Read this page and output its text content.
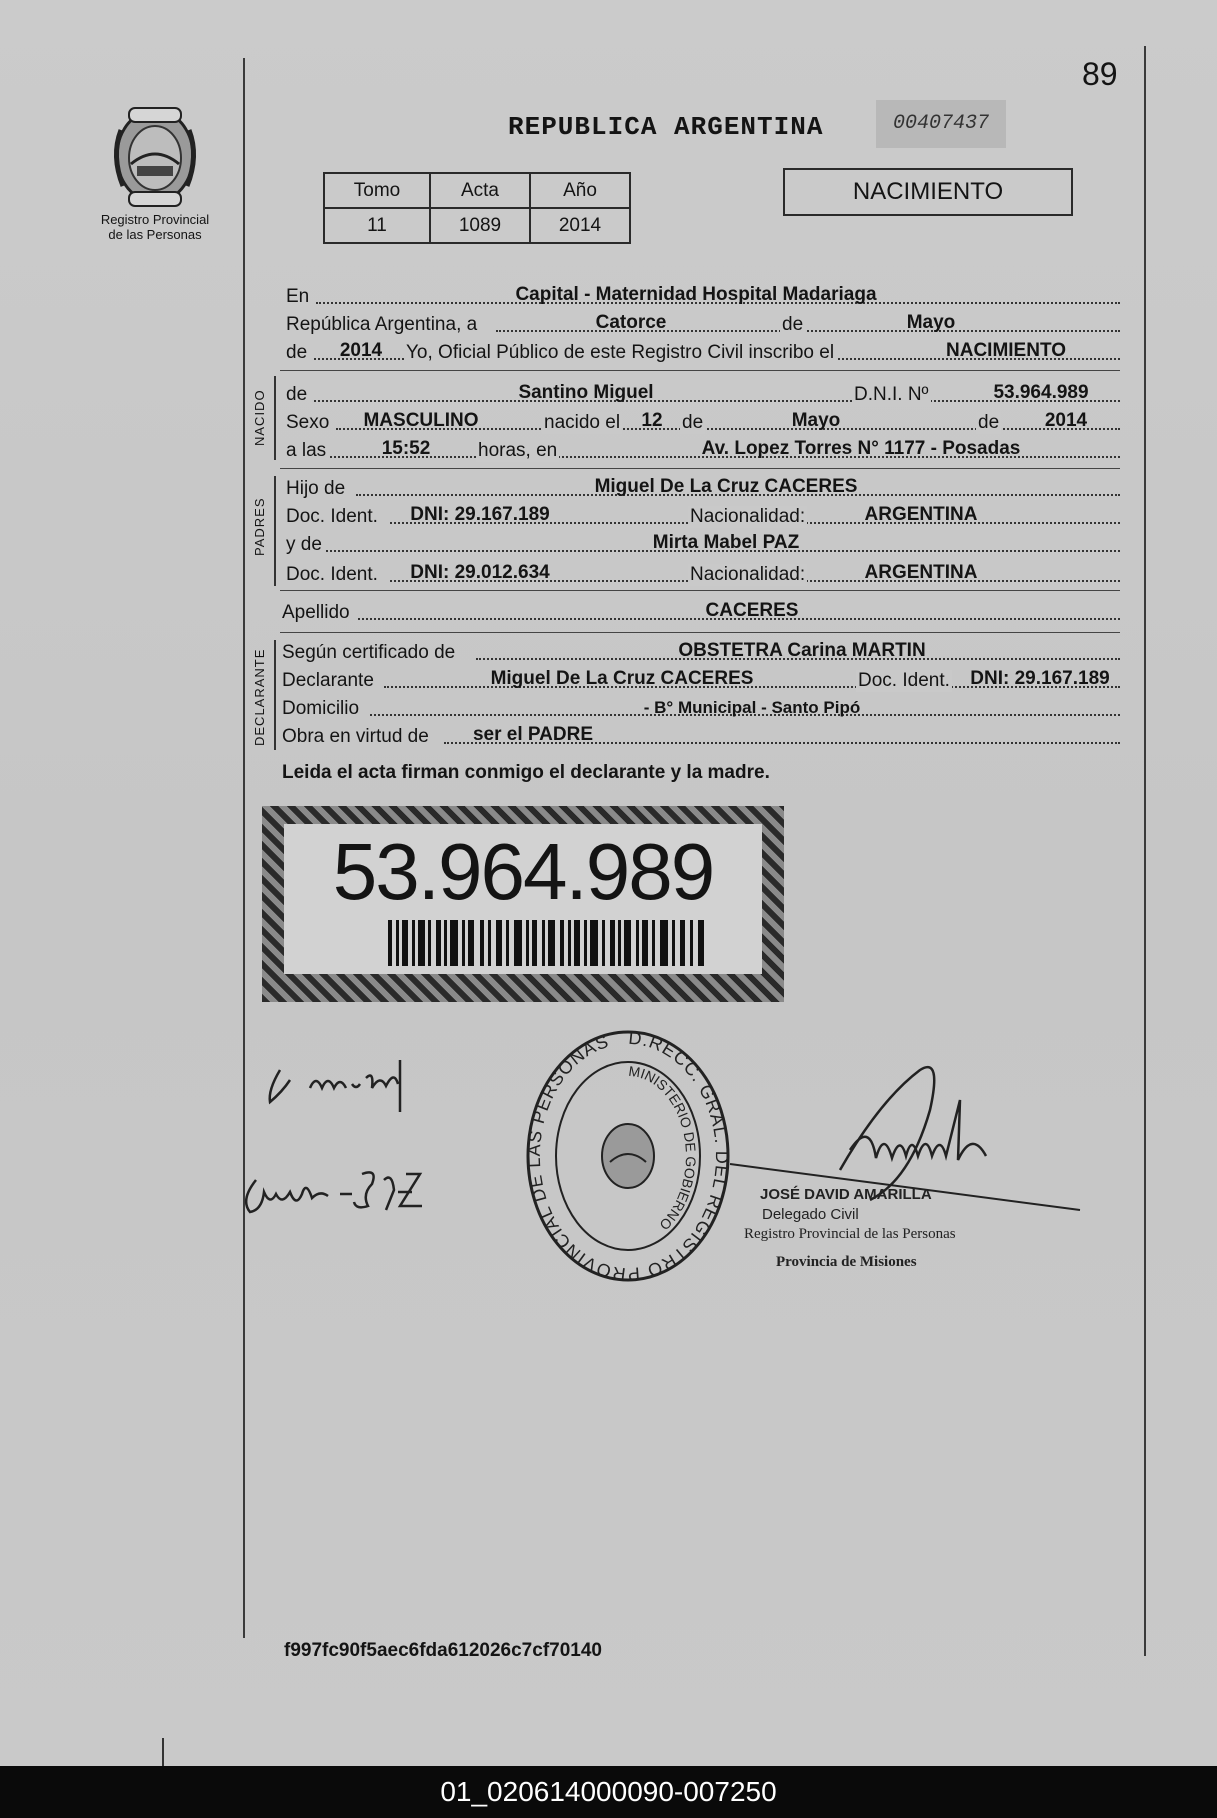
89
Registro Provincial
de las Personas
REPUBLICA ARGENTINA	00407437
Tomo	Acta	Año
11	1089	2014
NACIMIENTO
En	Capital - Maternidad Hospital Madariaga
República Argentina, a	Catorce	de	Mayo
de	2014	Yo, Oficial Público de este Registro Civil inscribo el	NACIMIENTO
NACIDO de	Santino Miguel	D.N.I. Nº	53.964.989
Sexo	MASCULINO	nacido el	12	de	Mayo	de	2014
a las	15:52	horas, en	Av. Lopez Torres N° 1177 - Posadas
PADRES
Hijo de	Miguel De La Cruz CACERES
Doc. Ident.	DNI: 29.167.189	Nacionalidad:	ARGENTINA
y de	Mirta Mabel PAZ
Doc. Ident.	DNI: 29.012.634	Nacionalidad:	ARGENTINA
Apellido	CACERES
DECLARANTE Según certificado de	OBSTETRA Carina MARTIN
Declarante	Miguel De La Cruz CACERES	Doc. Ident.	DNI: 29.167.189
Domicilio	- B° Municipal - Santo Pipó
Obra en virtud de	ser el PADRE
Leida el acta firman conmigo el declarante y la madre.
53.964.989
D.RECC. GRAL. DEL REGISTRO PROVINCIAL DE LAS PERSONAS
MINISTERIO DE GOBIERNO
JOSÉ DAVID AMARILLA
Delegado Civil
Registro Provincial de las Personas
Provincia de Misiones
f997fc90f5aec6fda612026c7cf70140
01_020614000090-007250
